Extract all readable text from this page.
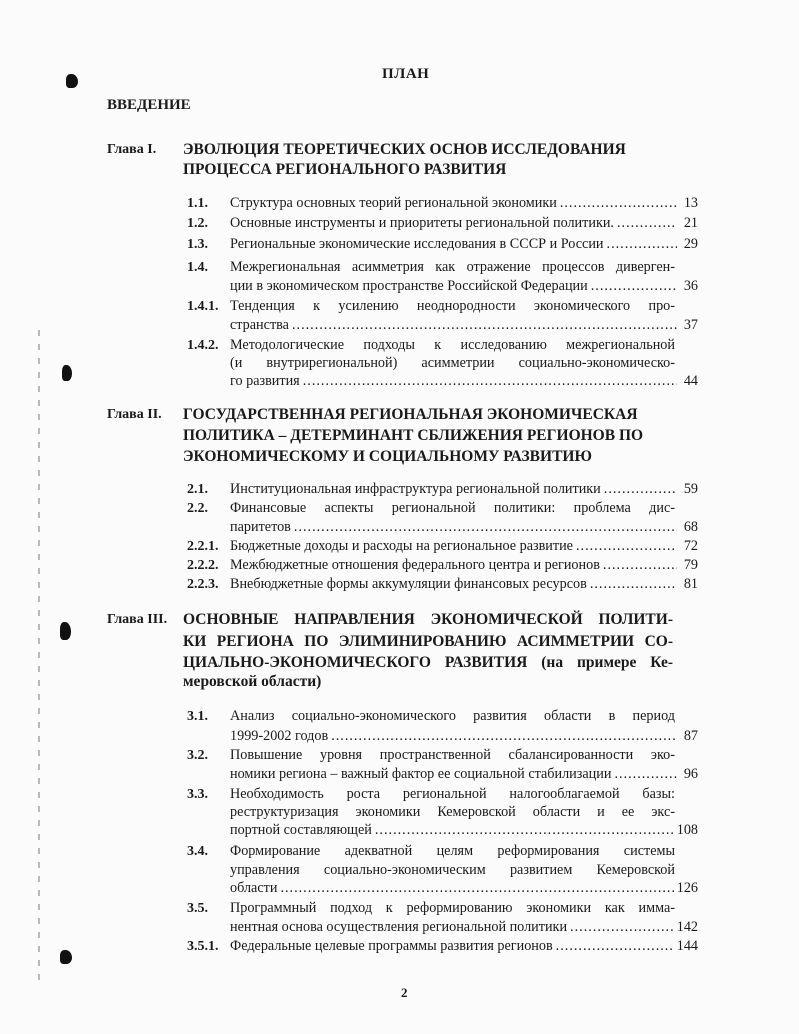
ПЛАН
ВВЕДЕНИЕ
Глава I. ЭВОЛЮЦИЯ ТЕОРЕТИЧЕСКИХ ОСНОВ ИССЛЕДОВАНИЯ
ПРОЦЕССА РЕГИОНАЛЬНОГО РАЗВИТИЯ
1.1. Структура основных теорий региональной экономики .....	13
1.2. Основные инструменты и приоритеты региональной политики. .....	21
1.3. Региональные экономические исследования в СССР и России .....	29
1.4. Межрегиональная асимметрия как отражение процессов диверген-
ции в экономическом пространстве Российской Федерации .....	36
1.4.1. Тенденция к усилению неоднородности экономического про-
странства .....	37
1.4.2. Методологические подходы к исследованию межрегиональной
(и внутрирегиональной) асимметрии социально-экономическо-
го развития .....	44
Глава II. ГОСУДАРСТВЕННАЯ РЕГИОНАЛЬНАЯ ЭКОНОМИЧЕСКАЯ
ПОЛИТИКА – ДЕТЕРМИНАНТ СБЛИЖЕНИЯ РЕГИОНОВ ПО
ЭКОНОМИЧЕСКОМУ И СОЦИАЛЬНОМУ РАЗВИТИЮ
2.1. Институциональная инфраструктура региональной политики .....	59
2.2. Финансовые аспекты региональной политики: проблема дис-
паритетов .....	68
2.2.1. Бюджетные доходы и расходы на региональное развитие .....	72
2.2.2. Межбюджетные отношения федерального центра и регионов .....	79
2.2.3. Внебюджетные формы аккумуляции финансовых ресурсов .....	81
Глава III. ОСНОВНЫЕ НАПРАВЛЕНИЯ ЭКОНОМИЧЕСКОЙ ПОЛИТИ-
КИ РЕГИОНА ПО ЭЛИМИНИРОВАНИЮ АСИММЕТРИИ СО-
ЦИАЛЬНО-ЭКОНОМИЧЕСКОГО РАЗВИТИЯ (на примере Ке-
меровской области)
3.1. Анализ социально-экономического развития области в период
1999-2002 годов .....	87
3.2. Повышение уровня пространственной сбалансированности эко-
номики региона – важный фактор ее социальной стабилизации .....	96
3.3. Необходимость роста региональной налогооблагаемой базы:
реструктуризация экономики Кемеровской области и ее экс-
портной составляющей .....	108
3.4. Формирование адекватной целям реформирования системы
управления социально-экономическим развитием Кемеровской
области .....	126
3.5. Программный подход к реформированию экономики как имма-
нентная основа осуществления региональной политики .....	142
3.5.1. Федеральные целевые программы развития регионов .....	144
2
